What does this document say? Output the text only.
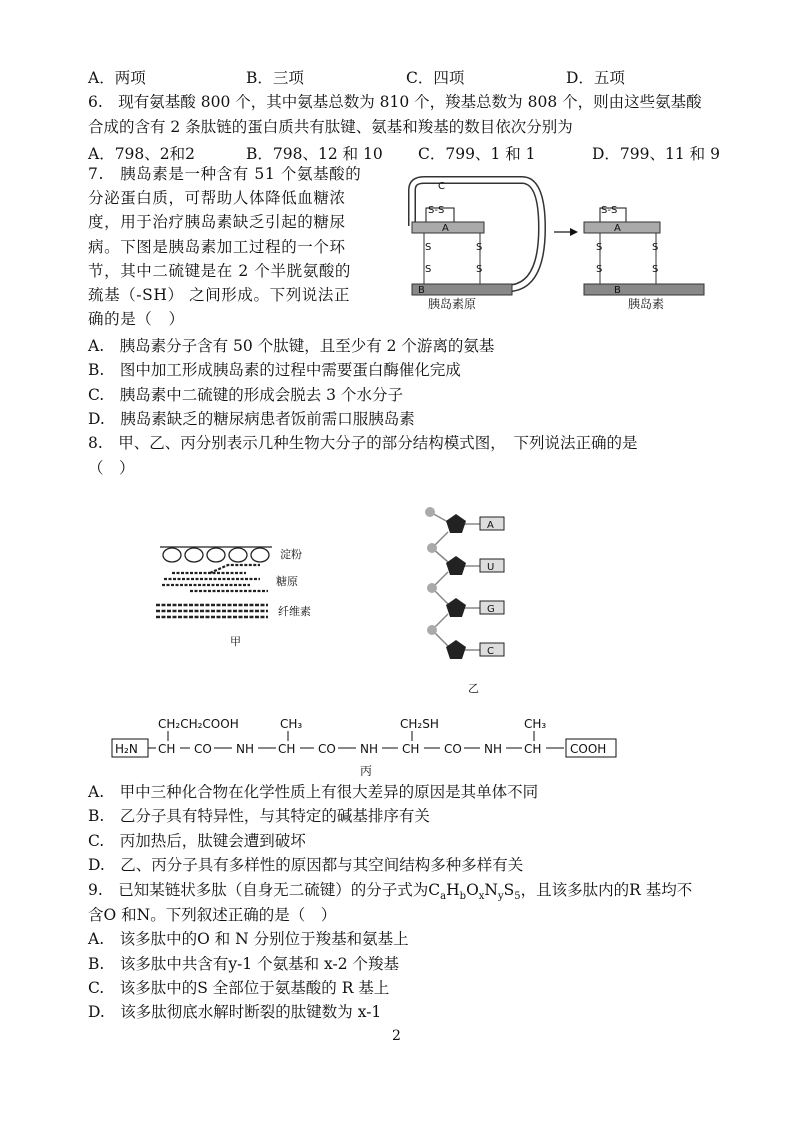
A．两项	B．三项	C．四项	D．五项
6.　现有氨基酸 800 个，其中氨基总数为 810 个，羧基总数为 808 个，则由这些氨基酸
合成的含有 2 条肽链的蛋白质共有肽键、氨基和羧基的数目依次分别为
A．798、2和2	B．798、12 和 10 C．799、1 和 1	D．799、11 和 9
7.　胰岛素是一种含有 51 个氨基酸的
分泌蛋白质，可帮助人体降低血糖浓
度，用于治疗胰岛素缺乏引起的糖尿
病。下图是胰岛素加工过程的一个环
节，其中二硫键是在 2 个半胱氨酸的
巯基（-SH） 之间形成。下列说法正
确的是（　）
C
S-S
A
S
S
S
S
B
胰岛素原
S-S
A
S
S
S
S
B
胰岛素
A.　胰岛素分子含有 50 个肽键，且至少有 2 个游离的氨基
B.　图中加工形成胰岛素的过程中需要蛋白酶催化完成
C.　胰岛素中二硫键的形成会脱去 3 个水分子
D.　胰岛素缺乏的糖尿病患者饭前需口服胰岛素
8.　甲、乙、丙分别表示几种生物大分子的部分结构模式图，　下列说法正确的是
（　）
淀粉
糖原
纤维素
甲
A
U
G
C
乙
H₂N
CH₂CH₂COOH
CH CO NH
CH₃
CH CO NH
CH₂SH
CH CO NH
CH₃
CH COOH
丙
A.　甲中三种化合物在化学性质上有很大差异的原因是其单体不同
B.　乙分子具有特异性，与其特定的碱基排序有关
C.　丙加热后，肽键会遭到破坏
D.　乙、丙分子具有多样性的原因都与其空间结构多种多样有关
9.　已知某链状多肽（自身无二硫键）的分子式为$C_aH_bO_xN_yS_5$，且该多肽内的R 基均不
含O 和N。下列叙述正确的是（　）
A.　该多肽中的O 和 N 分别位于羧基和氨基上
B.　该多肽中共含有y-1 个氨基和 x-2 个羧基
C.　该多肽中的S 全部位于氨基酸的 R 基上
D.　该多肽彻底水解时断裂的肽键数为 x-1
2
